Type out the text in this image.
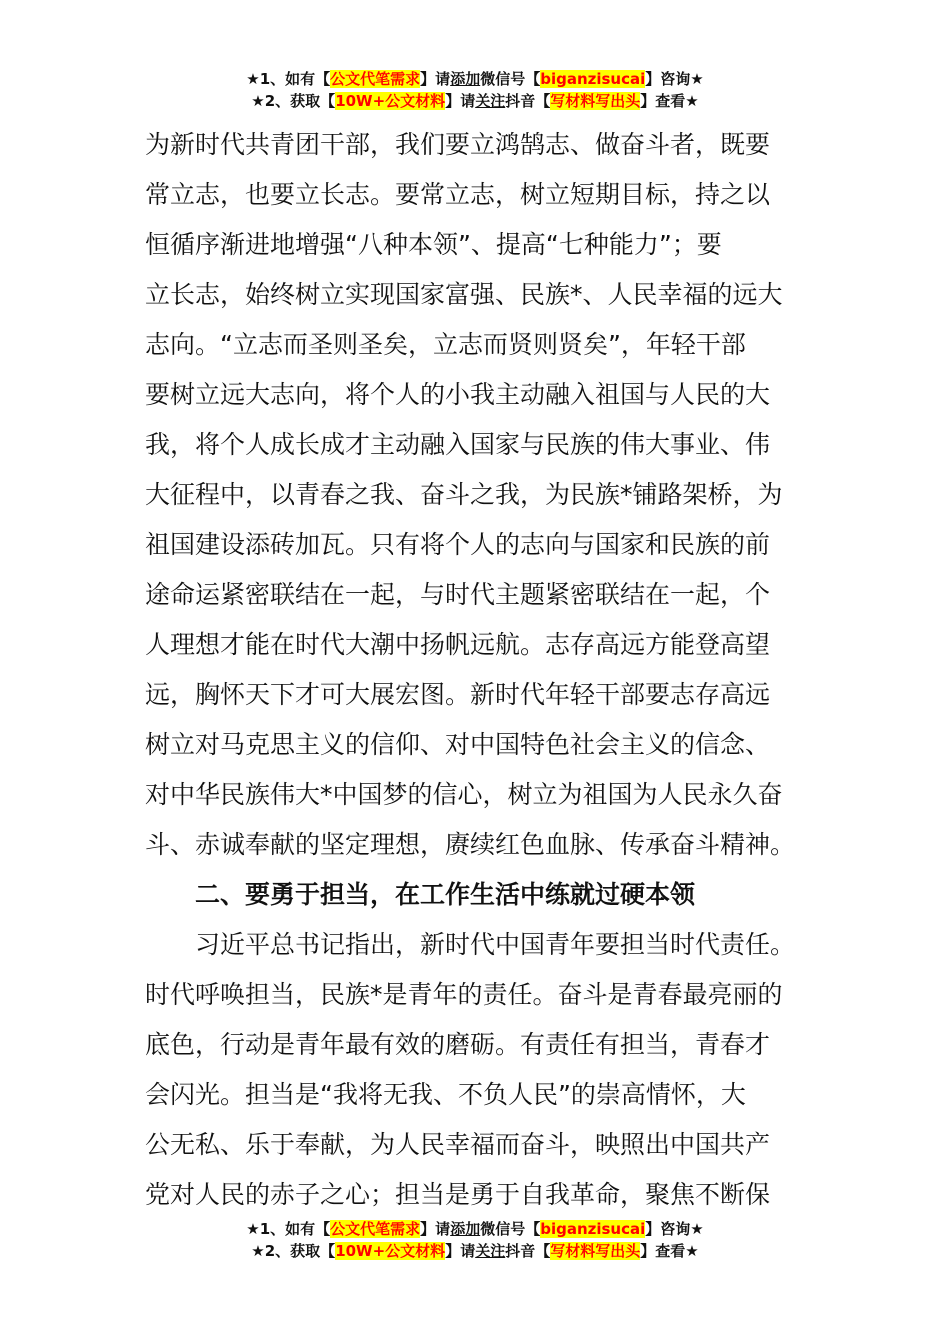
★1、如有【公文代笔需求】请添加微信号【biganzisucai】咨询★
★2、获取【10W+公文材料】请关注抖音【写材料写出头】查看★
为新时代共青团干部，我们要立鸿鹄志、做奋斗者，既要
常立志，也要立长志。要常立志，树立短期目标，持之以
恒循序渐进地增强“八种本领”、提高“七种能力”；要
立长志，始终树立实现国家富强、民族*、人民幸福的远大
志向。“立志而圣则圣矣，立志而贤则贤矣”，年轻干部
要树立远大志向，将个人的小我主动融入祖国与人民的大
我，将个人成长成才主动融入国家与民族的伟大事业、伟
大征程中，以青春之我、奋斗之我，为民族*铺路架桥，为
祖国建设添砖加瓦。只有将个人的志向与国家和民族的前
途命运紧密联结在一起，与时代主题紧密联结在一起，个
人理想才能在时代大潮中扬帆远航。志存高远方能登高望
远，胸怀天下才可大展宏图。新时代年轻干部要志存高远
树立对马克思主义的信仰、对中国特色社会主义的信念、
对中华民族伟大*中国梦的信心，树立为祖国为人民永久奋
斗、赤诚奉献的坚定理想，赓续红色血脉、传承奋斗精神。
　　二、要勇于担当，在工作生活中练就过硬本领
　　习近平总书记指出，新时代中国青年要担当时代责任。
时代呼唤担当，民族*是青年的责任。奋斗是青春最亮丽的
底色，行动是青年最有效的磨砺。有责任有担当，青春才
会闪光。担当是“我将无我、不负人民”的崇高情怀，大
公无私、乐于奉献，为人民幸福而奋斗，映照出中国共产
党对人民的赤子之心；担当是勇于自我革命，聚焦不断保
★1、如有【公文代笔需求】请添加微信号【biganzisucai】咨询★
★2、获取【10W+公文材料】请关注抖音【写材料写出头】查看★
